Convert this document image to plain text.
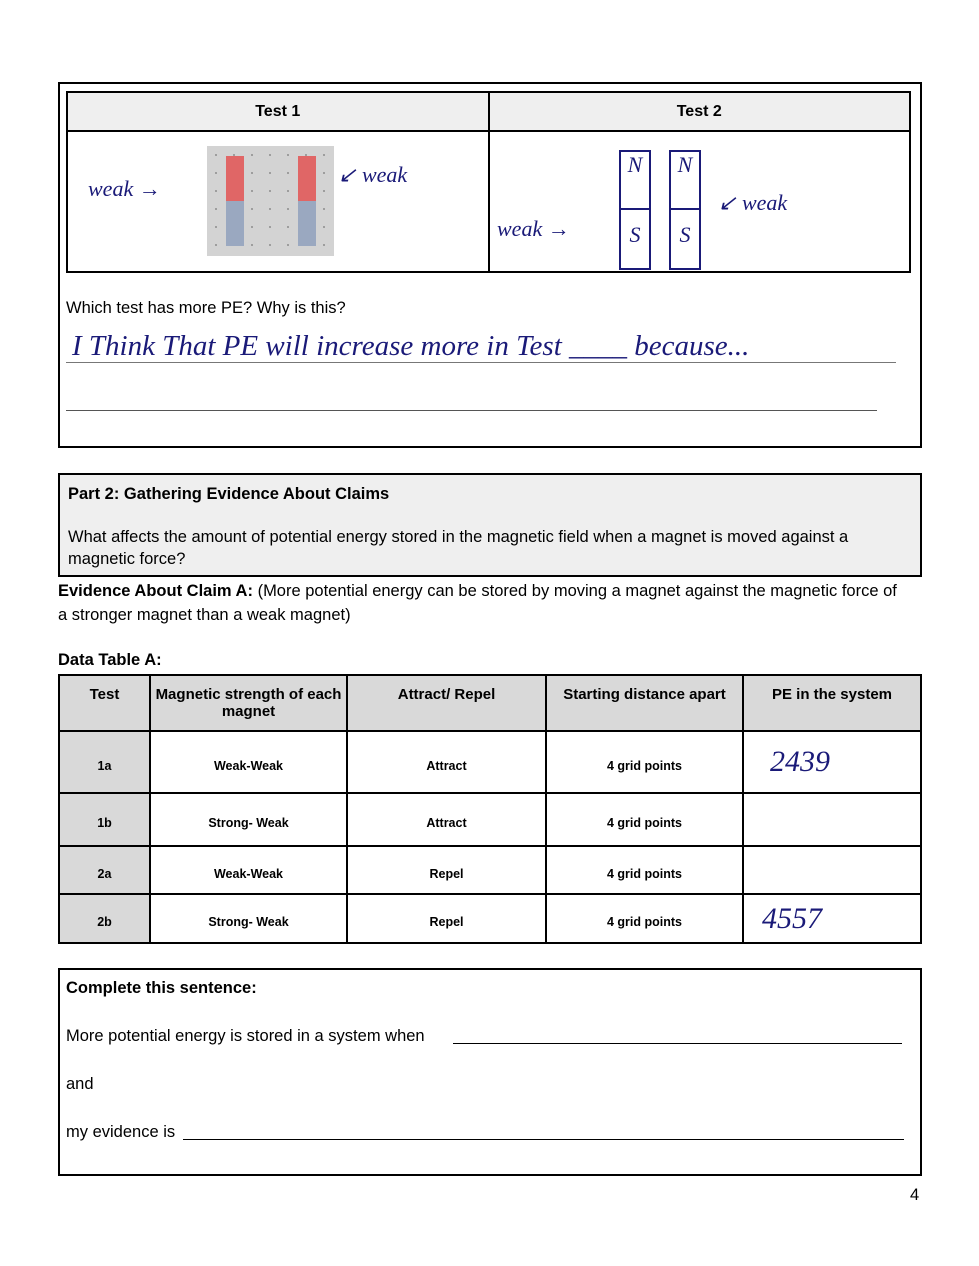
Test 1	Test 2

weak →
↙ weak
weak →
N
S
N
S
↙ weak
Which test has more PE? Why is this?
I Think That PE will increase more in Test ____ because...
Part 2: Gathering Evidence About Claims
What affects the amount of potential energy stored in the magnetic field when a magnet is moved against a magnetic force?
Evidence About Claim A: (More potential energy can be stored by moving a magnet against the magnetic force of a stronger magnet than a weak magnet)
Data Table A:
Test	Magnetic strength of each magnet	Attract/ Repel	Starting distance apart	PE in the system
1a	Weak-Weak	Attract	4 grid points	2439
1b	Strong- Weak	Attract	4 grid points	
2a	Weak-Weak	Repel	4 grid points	
2b	Strong- Weak	Repel	4 grid points	4557
Complete this sentence:
More potential energy is stored in a system when
and
my evidence is
4
